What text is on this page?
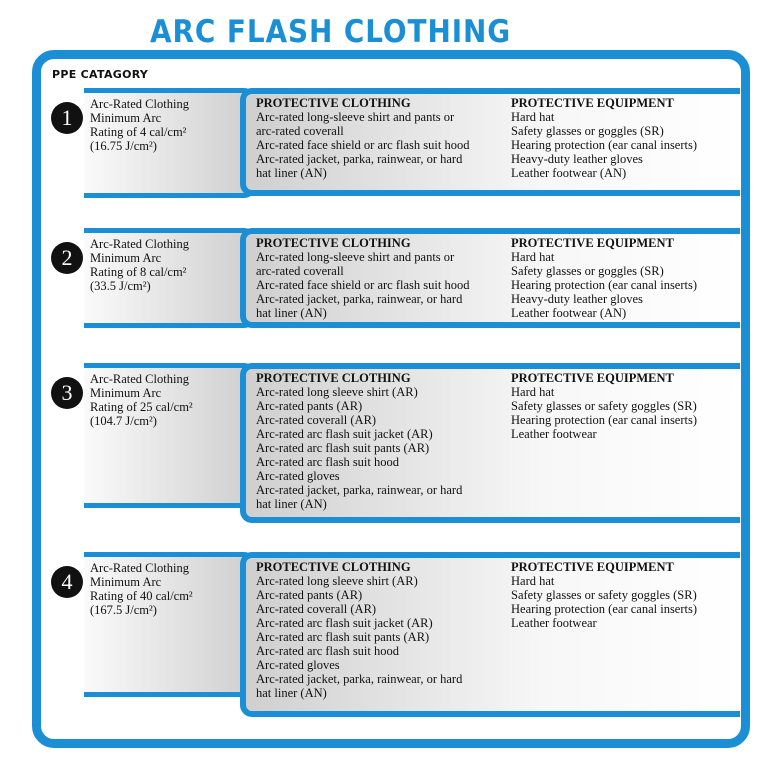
ARC FLASH CLOTHING
PPE CATAGORY
1
Arc-Rated Clothing
Minimum Arc
Rating of 4 cal/cm²
(16.75 J/cm²)
PROTECTIVE CLOTHING
Arc-rated long-sleeve shirt and pants or
arc-rated coverall
Arc-rated face shield or arc flash suit hood
Arc-rated jacket, parka, rainwear, or hard
hat liner (AN)
PROTECTIVE EQUIPMENT
Hard hat
Safety glasses or goggles (SR)
Hearing protection (ear canal inserts)
Heavy-duty leather gloves
Leather footwear (AN)
2
Arc-Rated Clothing
Minimum Arc
Rating of 8 cal/cm²
(33.5 J/cm²)
PROTECTIVE CLOTHING
Arc-rated long-sleeve shirt and pants or
arc-rated coverall
Arc-rated face shield or arc flash suit hood
Arc-rated jacket, parka, rainwear, or hard
hat liner (AN)
PROTECTIVE EQUIPMENT
Hard hat
Safety glasses or goggles (SR)
Hearing protection (ear canal inserts)
Heavy-duty leather gloves
Leather footwear (AN)
3
Arc-Rated Clothing
Minimum Arc
Rating of 25 cal/cm²
(104.7 J/cm²)
PROTECTIVE CLOTHING
Arc-rated long sleeve shirt (AR)
Arc-rated pants (AR)
Arc-rated coverall (AR)
Arc-rated arc flash suit jacket (AR)
Arc-rated arc flash suit pants (AR)
Arc-rated arc flash suit hood
Arc-rated gloves
Arc-rated jacket, parka, rainwear, or hard
hat liner (AN)
PROTECTIVE EQUIPMENT
Hard hat
Safety glasses or safety goggles (SR)
Hearing protection (ear canal inserts)
Leather footwear
4
Arc-Rated Clothing
Minimum Arc
Rating of 40 cal/cm²
(167.5 J/cm²)
PROTECTIVE CLOTHING
Arc-rated long sleeve shirt (AR)
Arc-rated pants (AR)
Arc-rated coverall (AR)
Arc-rated arc flash suit jacket (AR)
Arc-rated arc flash suit pants (AR)
Arc-rated arc flash suit hood
Arc-rated gloves
Arc-rated jacket, parka, rainwear, or hard
hat liner (AN)
PROTECTIVE EQUIPMENT
Hard hat
Safety glasses or safety goggles (SR)
Hearing protection (ear canal inserts)
Leather footwear
